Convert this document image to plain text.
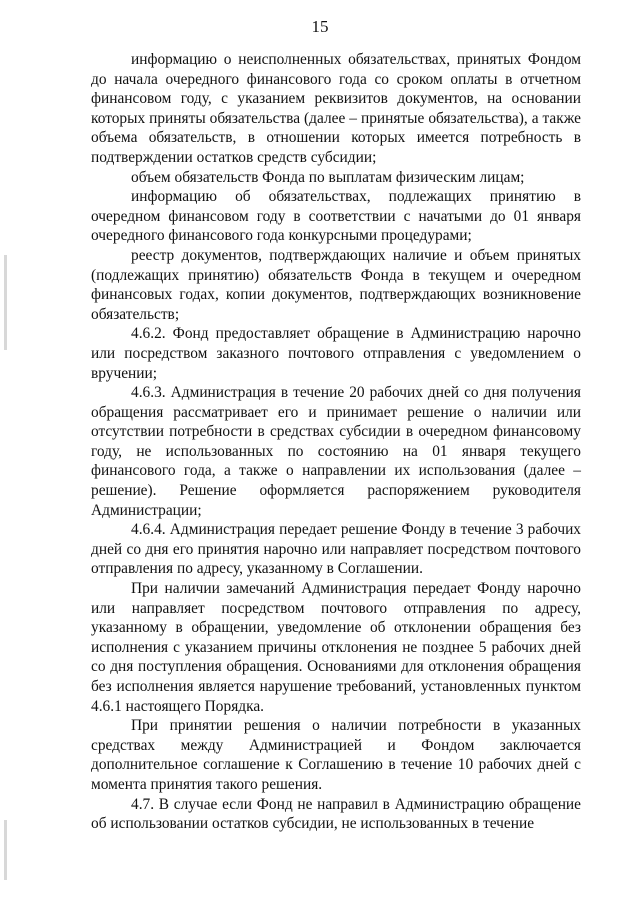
15

информацию о неисполненных обязательствах, принятых Фондом до начала очередного финансового года со сроком оплаты в отчетном финансовом году, с указанием реквизитов документов, на основании которых приняты обязательства (далее – принятые обязательства), а также объема обязательств, в отношении которых имеется потребность в подтверждении остатков средств субсидии;

объем обязательств Фонда по выплатам физическим лицам;

информацию об обязательствах, подлежащих принятию в очередном финансовом году в соответствии с начатыми до 01 января очередного финансового года конкурсными процедурами;

реестр документов, подтверждающих наличие и объем принятых (подлежащих принятию) обязательств Фонда в текущем и очередном финансовых годах, копии документов, подтверждающих возникновение обязательств;

4.6.2. Фонд предоставляет обращение в Администрацию нарочно или посредством заказного почтового отправления с уведомлением о вручении;

4.6.3. Администрация в течение 20 рабочих дней со дня получения обращения рассматривает его и принимает решение о наличии или отсутствии потребности в средствах субсидии в очередном финансовому году, не использованных по состоянию на 01 января текущего финансового года, а также о направлении их использования (далее – решение). Решение оформляется распоряжением руководителя Администрации;

4.6.4. Администрация передает решение Фонду в течение 3 рабочих дней со дня его принятия нарочно или направляет посредством почтового отправления по адресу, указанному в Соглашении.

При наличии замечаний Администрация передает Фонду нарочно или направляет посредством почтового отправления по адресу, указанному в обращении, уведомление об отклонении обращения без исполнения с указанием причины отклонения не позднее 5 рабочих дней со дня поступления обращения. Основаниями для отклонения обращения без исполнения является нарушение требований, установленных пунктом 4.6.1 настоящего Порядка.

При принятии решения о наличии потребности в указанных средствах между Администрацией и Фондом заключается дополнительное соглашение к Соглашению в течение 10 рабочих дней с момента принятия такого решения.

4.7. В случае если Фонд не направил в Администрацию обращение об использовании остатков субсидии, не использованных в течение
